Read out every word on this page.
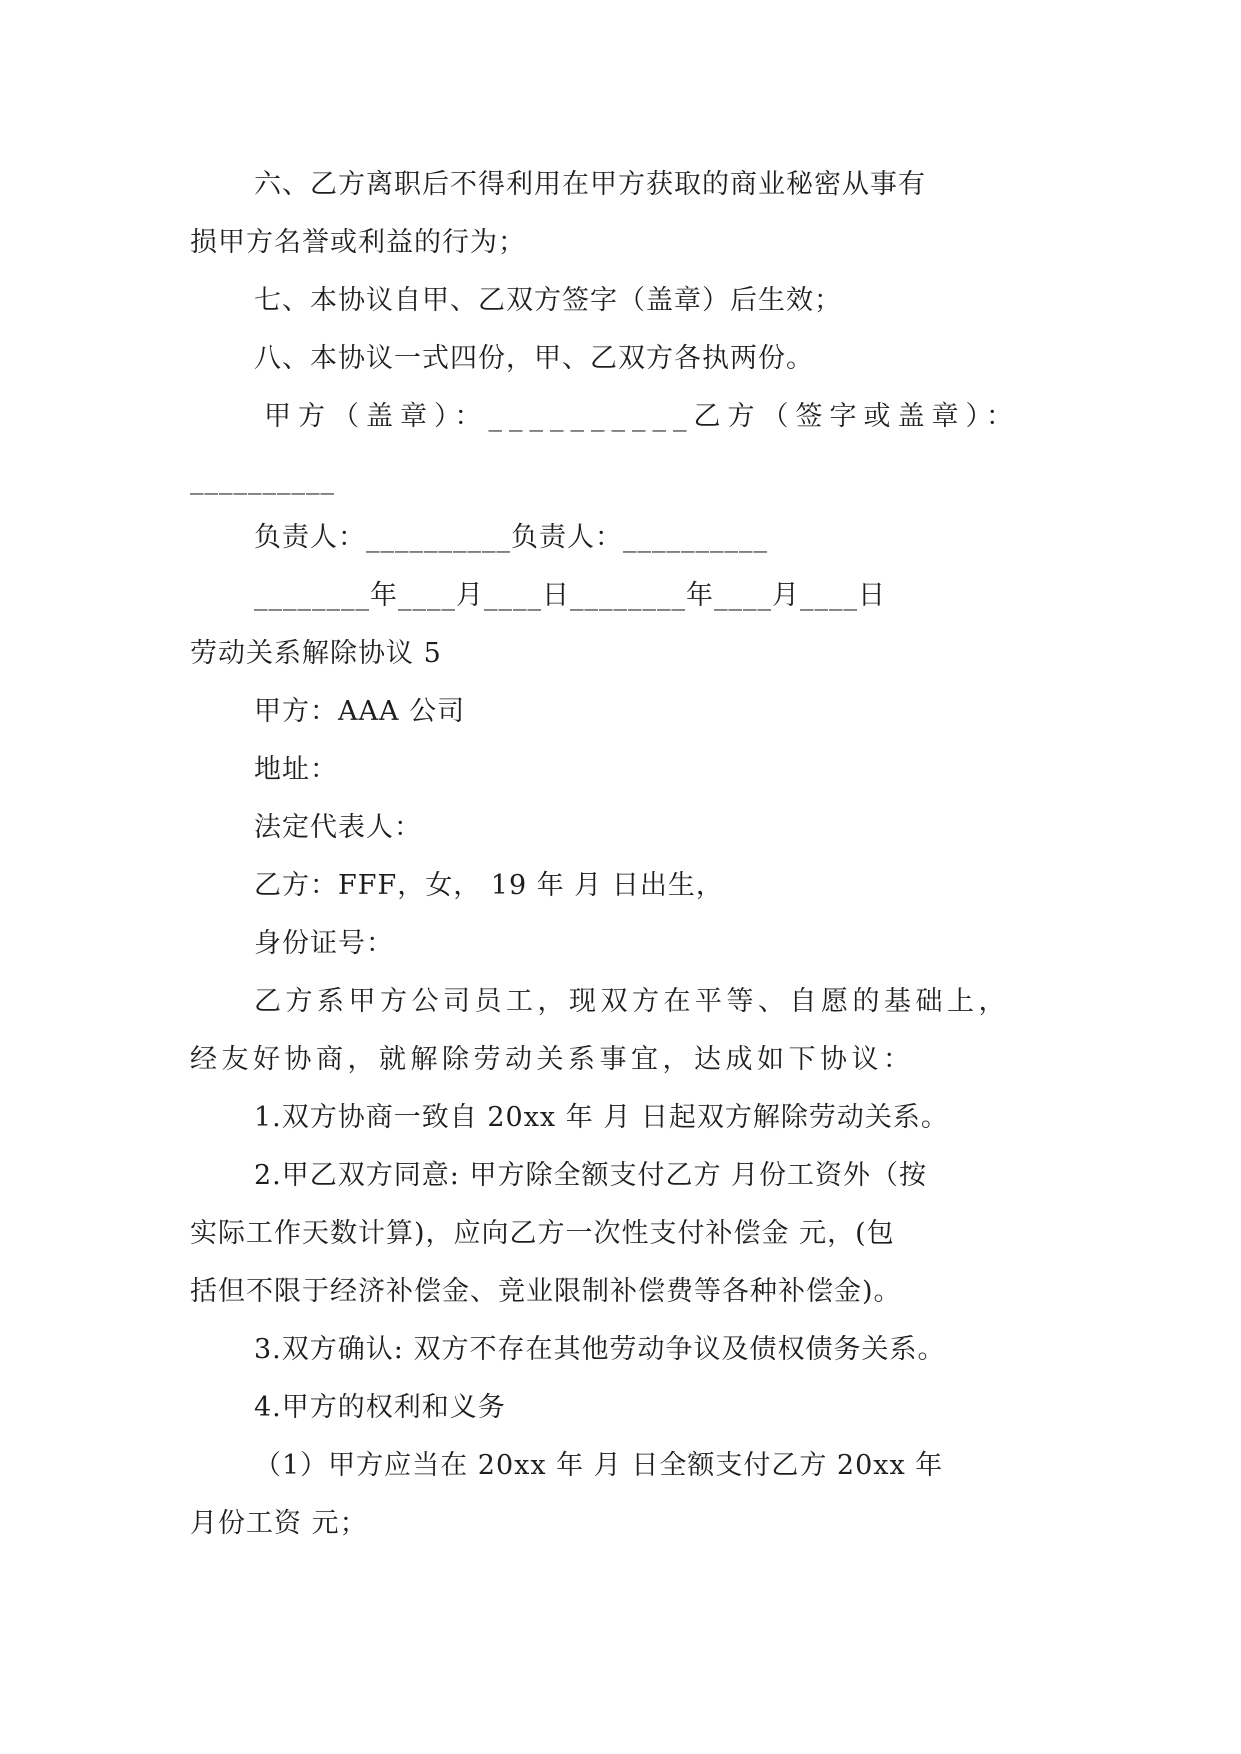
六、乙方离职后不得利用在甲方获取的商业秘密从事有
损甲方名誉或利益的行为；
七、本协议自甲、乙双方签字（盖章）后生效；
八、本协议一式四份，甲、乙双方各执两份。
甲方（盖章）：__________乙方（签字或盖章）：
__________
负责人：__________负责人：__________
________年____月____日________年____月____日
劳动关系解除协议 5
甲方：AAA 公司
地址：
法定代表人：
乙方：FFF，女， 19 年 月 日出生，
身份证号：
乙方系甲方公司员工，现双方在平等、自愿的基础上，
经友好协商，就解除劳动关系事宜，达成如下协议：
1.双方协商一致自 20xx 年 月 日起双方解除劳动关系。
2.甲乙双方同意: 甲方除全额支付乙方 月份工资外（按
实际工作天数计算)，应向乙方一次性支付补偿金 元，(包
括但不限于经济补偿金、竞业限制补偿费等各种补偿金)。
3.双方确认: 双方不存在其他劳动争议及债权债务关系。
4.甲方的权利和义务
（1）甲方应当在 20xx 年 月 日全额支付乙方 20xx 年
月份工资 元；
